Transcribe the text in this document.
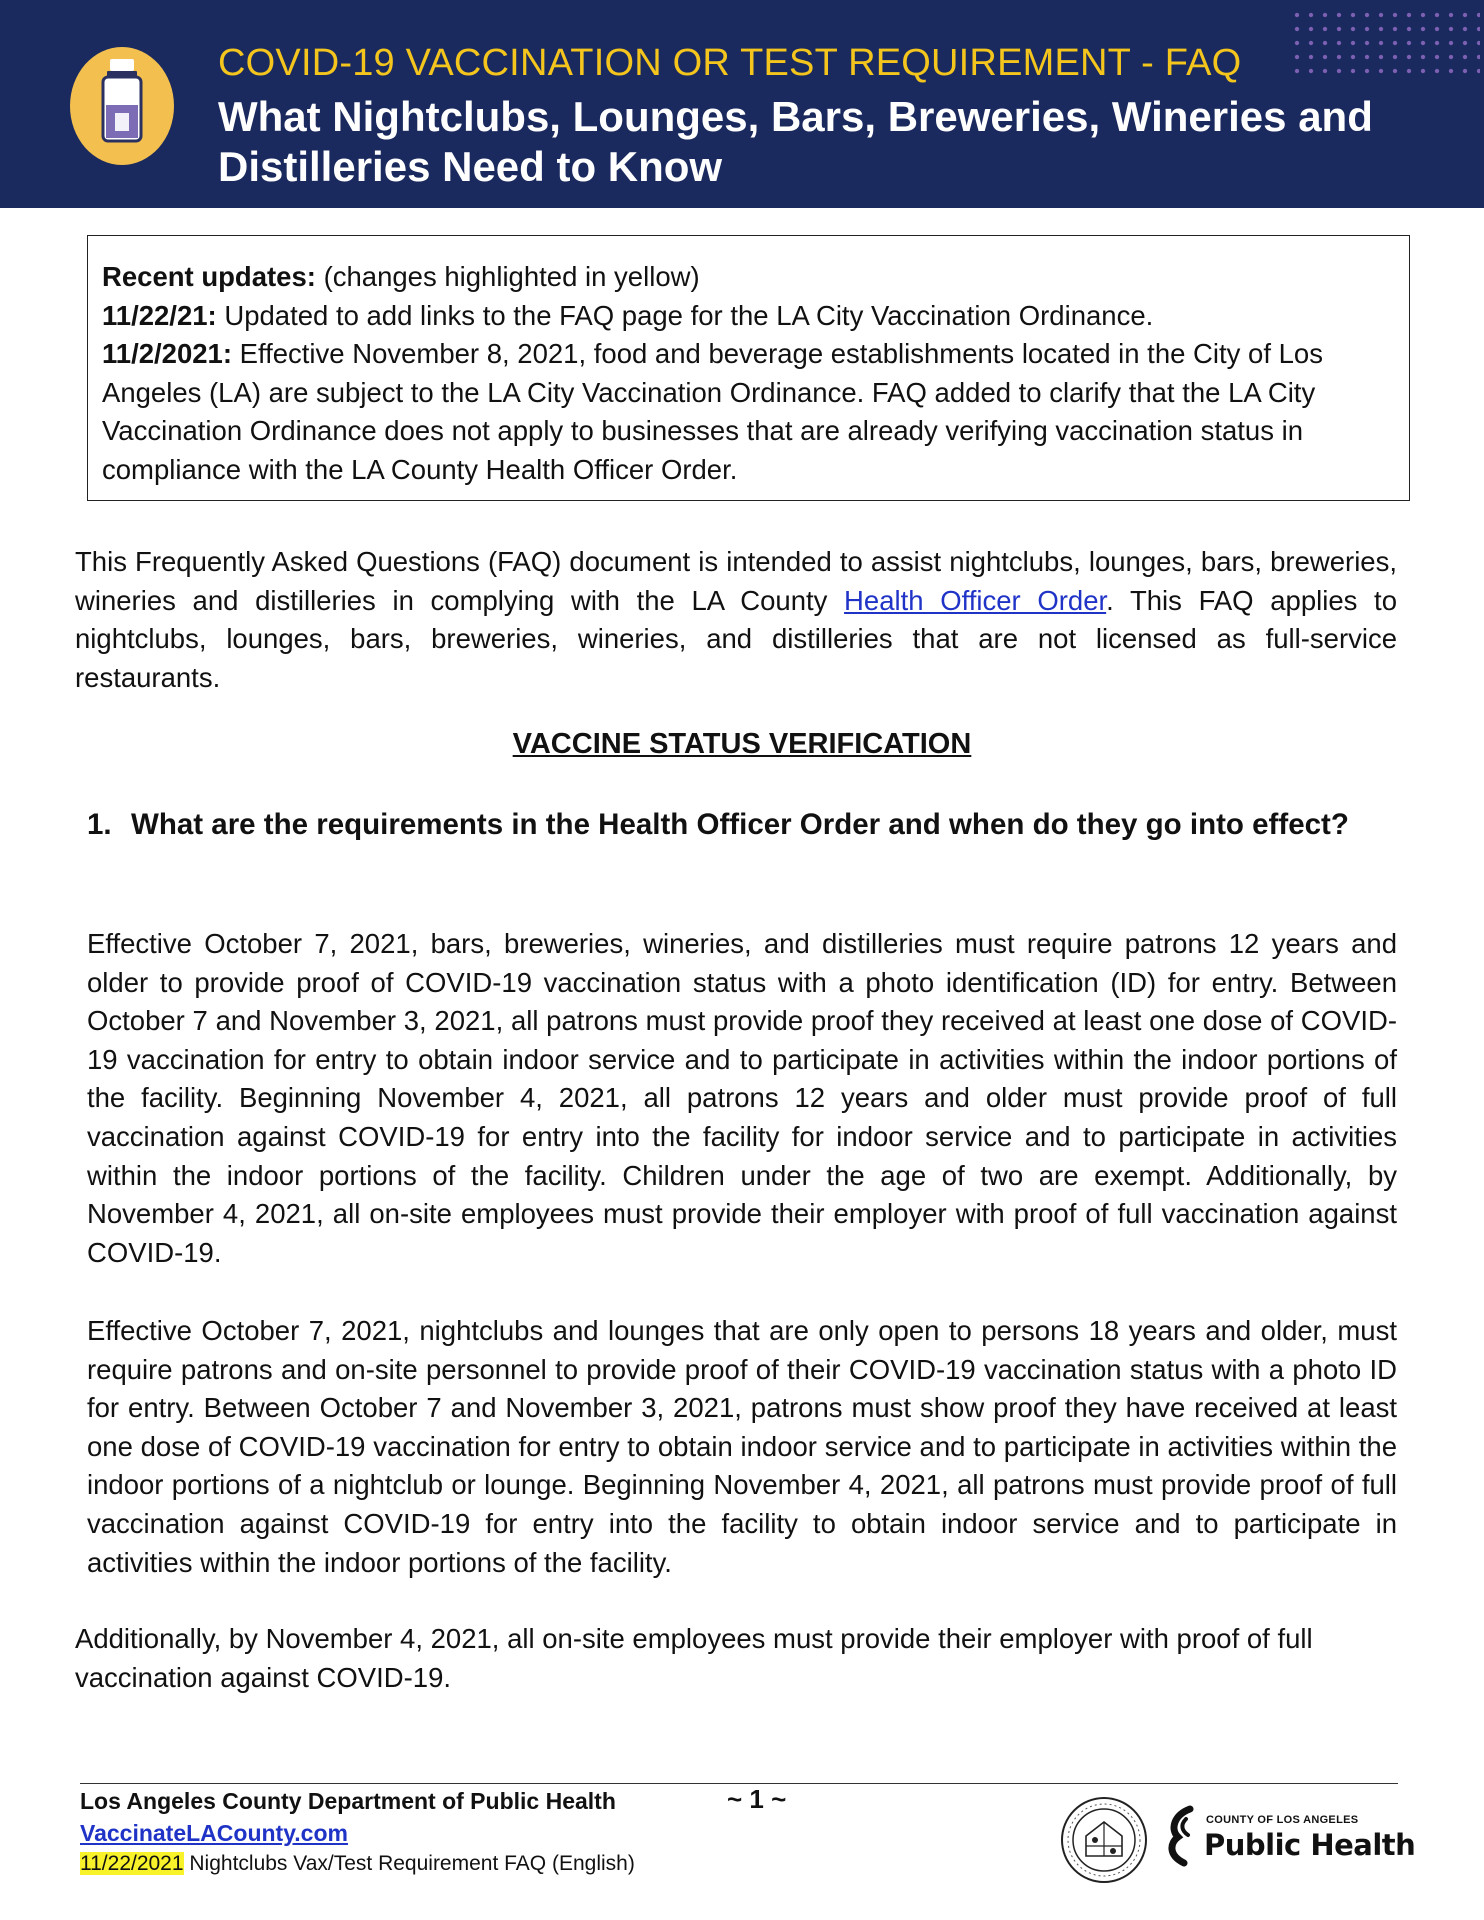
COVID-19 VACCINATION OR TEST REQUIREMENT - FAQ
What Nightclubs, Lounges, Bars, Breweries, Wineries and Distilleries Need to Know

Recent updates: (changes highlighted in yellow)

11/22/21: Updated to add links to the FAQ page for the LA City Vaccination Ordinance.

11/2/2021: Effective November 8, 2021, food and beverage establishments located in the City of Los Angeles (LA) are subject to the LA City Vaccination Ordinance. FAQ added to clarify that the LA City Vaccination Ordinance does not apply to businesses that are already verifying vaccination status in compliance with the LA County Health Officer Order.

This Frequently Asked Questions (FAQ) document is intended to assist nightclubs, lounges, bars, breweries, wineries and distilleries in complying with the LA County Health Officer Order. This FAQ applies to nightclubs, lounges, bars, breweries, wineries, and distilleries that are not licensed as full-service restaurants.

VACCINE STATUS VERIFICATION
1. What are the requirements in the Health Officer Order and when do they go into effect?

Effective October 7, 2021, bars, breweries, wineries, and distilleries must require patrons 12 years and older to provide proof of COVID-19 vaccination status with a photo identification (ID) for entry. Between October 7 and November 3, 2021, all patrons must provide proof they received at least one dose of COVID-19 vaccination for entry to obtain indoor service and to participate in activities within the indoor portions of the facility. Beginning November 4, 2021, all patrons 12 years and older must provide proof of full vaccination against COVID-19 for entry into the facility for indoor service and to participate in activities within the indoor portions of the facility. Children under the age of two are exempt. Additionally, by November 4, 2021, all on-site employees must provide their employer with proof of full vaccination against COVID-19.

Effective October 7, 2021, nightclubs and lounges that are only open to persons 18 years and older, must require patrons and on-site personnel to provide proof of their COVID-19 vaccination status with a photo ID for entry. Between October 7 and November 3, 2021, patrons must show proof they have received at least one dose of COVID-19 vaccination for entry to obtain indoor service and to participate in activities within the indoor portions of a nightclub or lounge. Beginning November 4, 2021, all patrons must provide proof of full vaccination against COVID-19 for entry into the facility to obtain indoor service and to participate in activities within the indoor portions of the facility.

Additionally, by November 4, 2021, all on-site employees must provide their employer with proof of full vaccination against COVID-19.

Los Angeles County Department of Public Health

VaccinateLACounty.com

11/22/2021 Nightclubs Vax/Test Requirement FAQ (English)

~ 1 ~

COUNTY OF LOS ANGELES

Public Health
